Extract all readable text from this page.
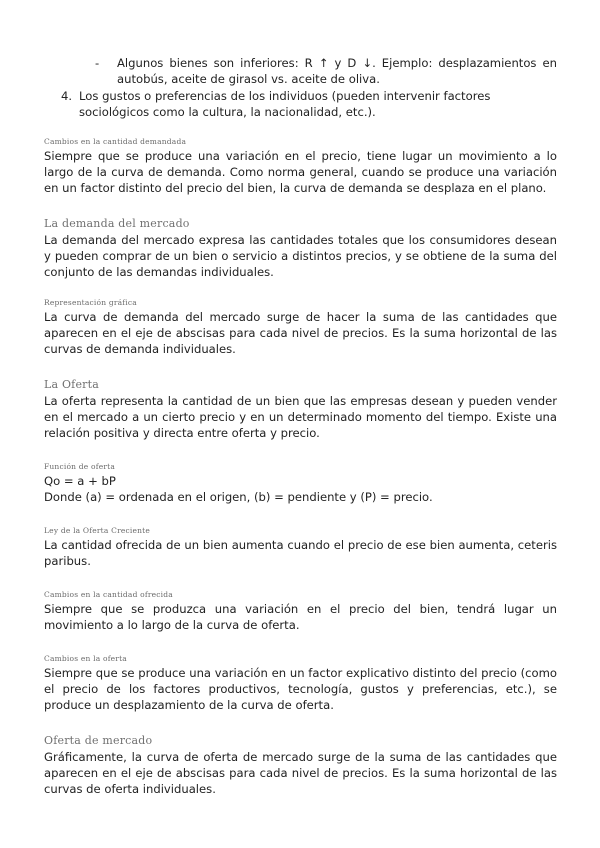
- Algunos bienes son inferiores: R ↑ y D ↓. Ejemplo: desplazamientos en autobús, aceite de girasol vs. aceite de oliva.

4. Los gustos o preferencias de los individuos (pueden intervenir factores sociológicos como la cultura, la nacionalidad, etc.).

Cambios en la cantidad demandada

Siempre que se produce una variación en el precio, tiene lugar un movimiento a lo largo de la curva de demanda. Como norma general, cuando se produce una variación en un factor distinto del precio del bien, la curva de demanda se desplaza en el plano.

La demanda del mercado

La demanda del mercado expresa las cantidades totales que los consumidores desean y pueden comprar de un bien o servicio a distintos precios, y se obtiene de la suma del conjunto de las demandas individuales.

Representación gráfica

La curva de demanda del mercado surge de hacer la suma de las cantidades que aparecen en el eje de abscisas para cada nivel de precios. Es la suma horizontal de las curvas de demanda individuales.

La Oferta

La oferta representa la cantidad de un bien que las empresas desean y pueden vender en el mercado a un cierto precio y en un determinado momento del tiempo. Existe una relación positiva y directa entre oferta y precio.

Función de oferta

Qo = a + bP

Donde (a) = ordenada en el origen, (b) = pendiente y (P) = precio.

Ley de la Oferta Creciente

La cantidad ofrecida de un bien aumenta cuando el precio de ese bien aumenta, ceteris paribus.

Cambios en la cantidad ofrecida

Siempre que se produzca una variación en el precio del bien, tendrá lugar un movimiento a lo largo de la curva de oferta.

Cambios en la oferta

Siempre que se produce una variación en un factor explicativo distinto del precio (como el precio de los factores productivos, tecnología, gustos y preferencias, etc.), se produce un desplazamiento de la curva de oferta.

Oferta de mercado

Gráficamente, la curva de oferta de mercado surge de la suma de las cantidades que aparecen en el eje de abscisas para cada nivel de precios. Es la suma horizontal de las curvas de oferta individuales.
